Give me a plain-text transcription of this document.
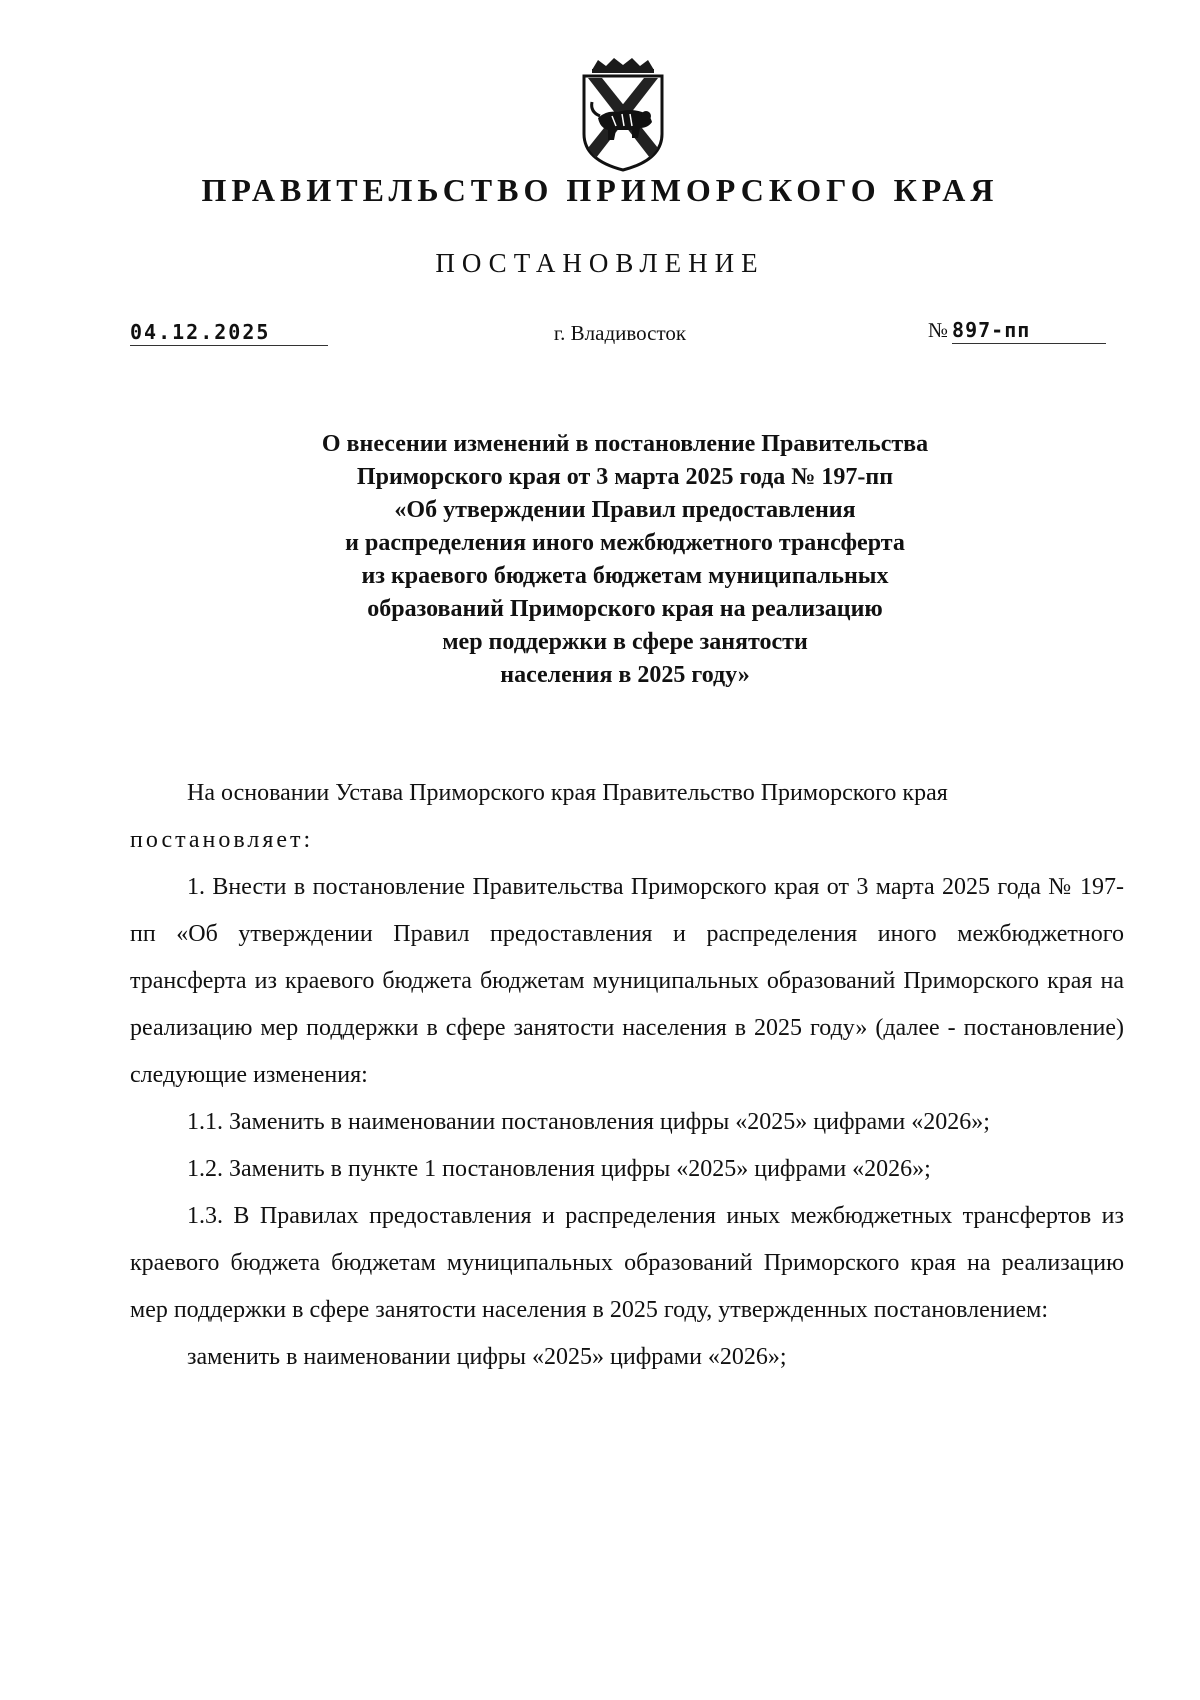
ПРАВИТЕЛЬСТВО ПРИМОРСКОГО КРАЯ
ПОСТАНОВЛЕНИЕ
04.12.2025	г. Владивосток	№ 897-пп
О внесении изменений в постановление Правительства
Приморского края от 3 марта 2025 года № 197-пп
«Об утверждении Правил предоставления
и распределения иного межбюджетного трансферта
из краевого бюджета бюджетам муниципальных
образований Приморского края на реализацию
мер поддержки в сфере занятости
населения в 2025 году»

На основании Устава Приморского края Правительство Приморского края

постановляет:

1. Внести в постановление Правительства Приморского края от 3 марта 2025 года № 197-пп «Об утверждении Правил предоставления и распределения иного межбюджетного трансферта из краевого бюджета бюджетам муниципальных образований Приморского края на реализацию мер поддержки в сфере занятости населения в 2025 году» (далее - постановление) следующие изменения:

1.1. Заменить в наименовании постановления цифры «2025» цифрами «2026»;

1.2. Заменить в пункте 1 постановления цифры «2025» цифрами «2026»;

1.3. В Правилах предоставления и распределения иных межбюджетных трансфертов из краевого бюджета бюджетам муниципальных образований Приморского края на реализацию мер поддержки в сфере занятости населения в 2025 году, утвержденных постановлением:

заменить в наименовании цифры «2025» цифрами «2026»;
